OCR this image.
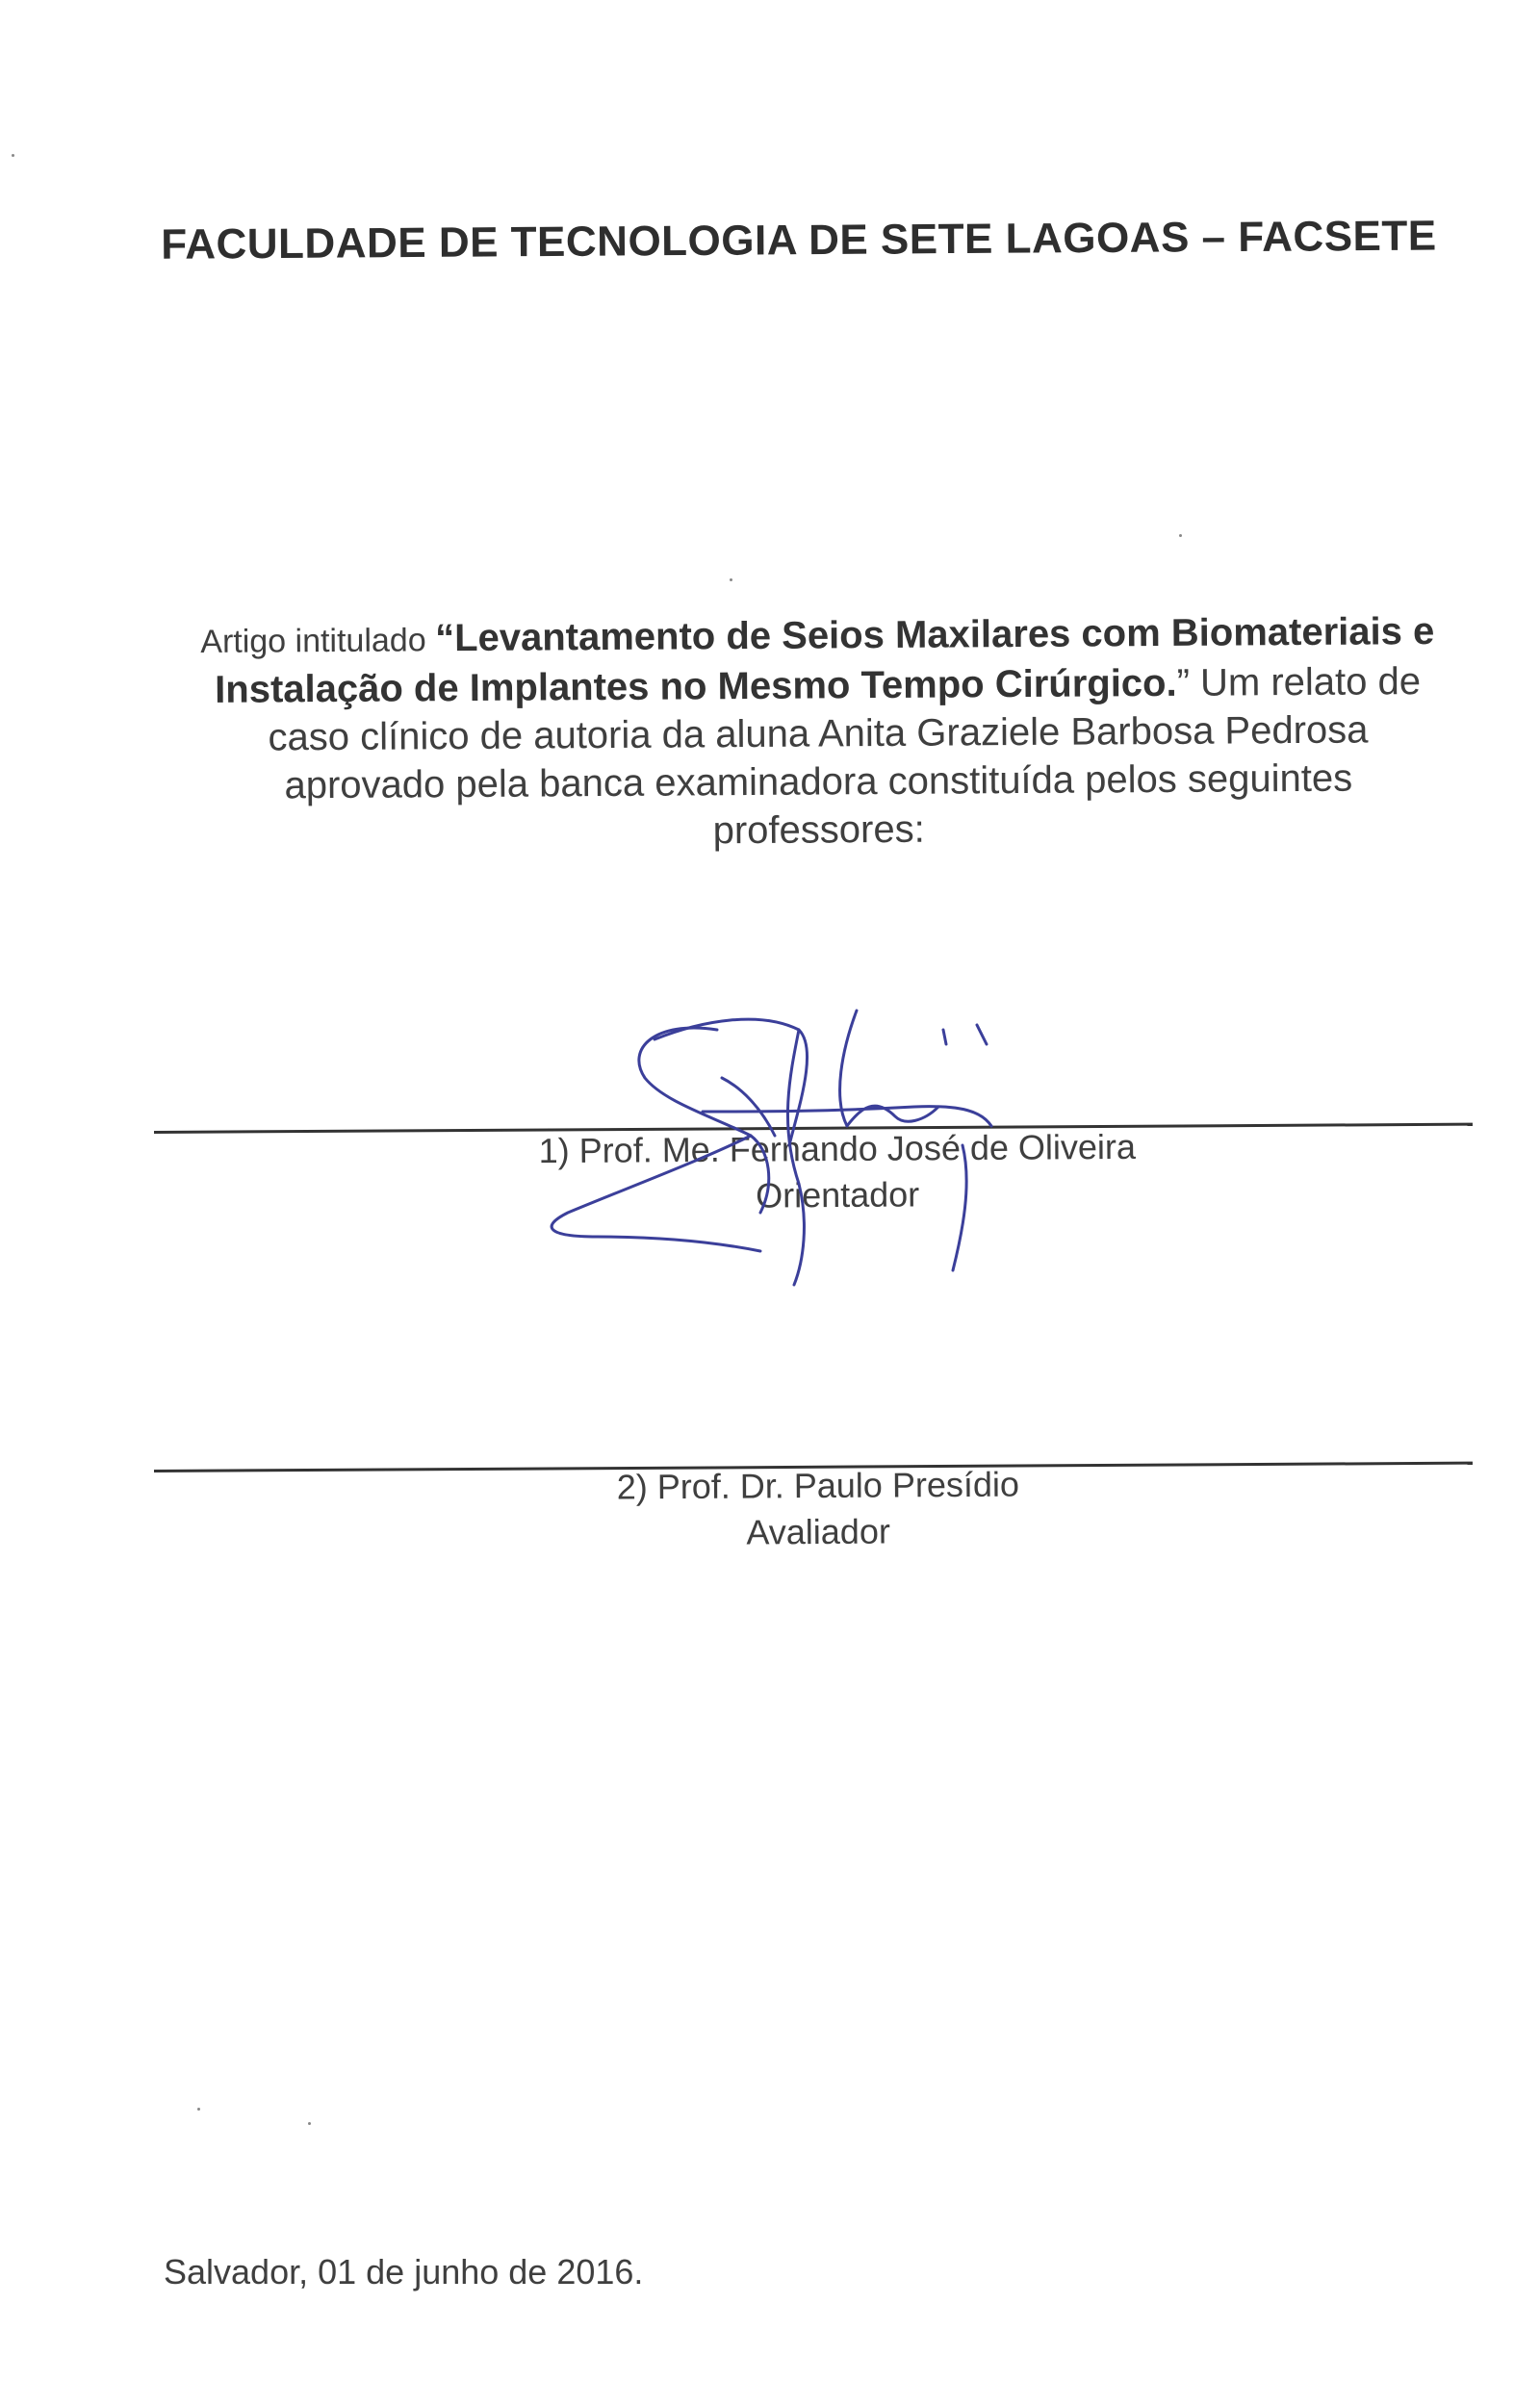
FACULDADE DE TECNOLOGIA DE SETE LAGOAS – FACSETE
Artigo intitulado “Levantamento de Seios Maxilares com Biomateriais e Instalação de Implantes no Mesmo Tempo Cirúrgico.” Um relato de caso clínico de autoria da aluna Anita Graziele Barbosa Pedrosa aprovado pela banca examinadora constituída pelos seguintes professores:
1) Prof. Me. Fernando José de Oliveira
Orientador
2) Prof. Dr. Paulo Presídio
Avaliador
Salvador, 01 de junho de 2016.
